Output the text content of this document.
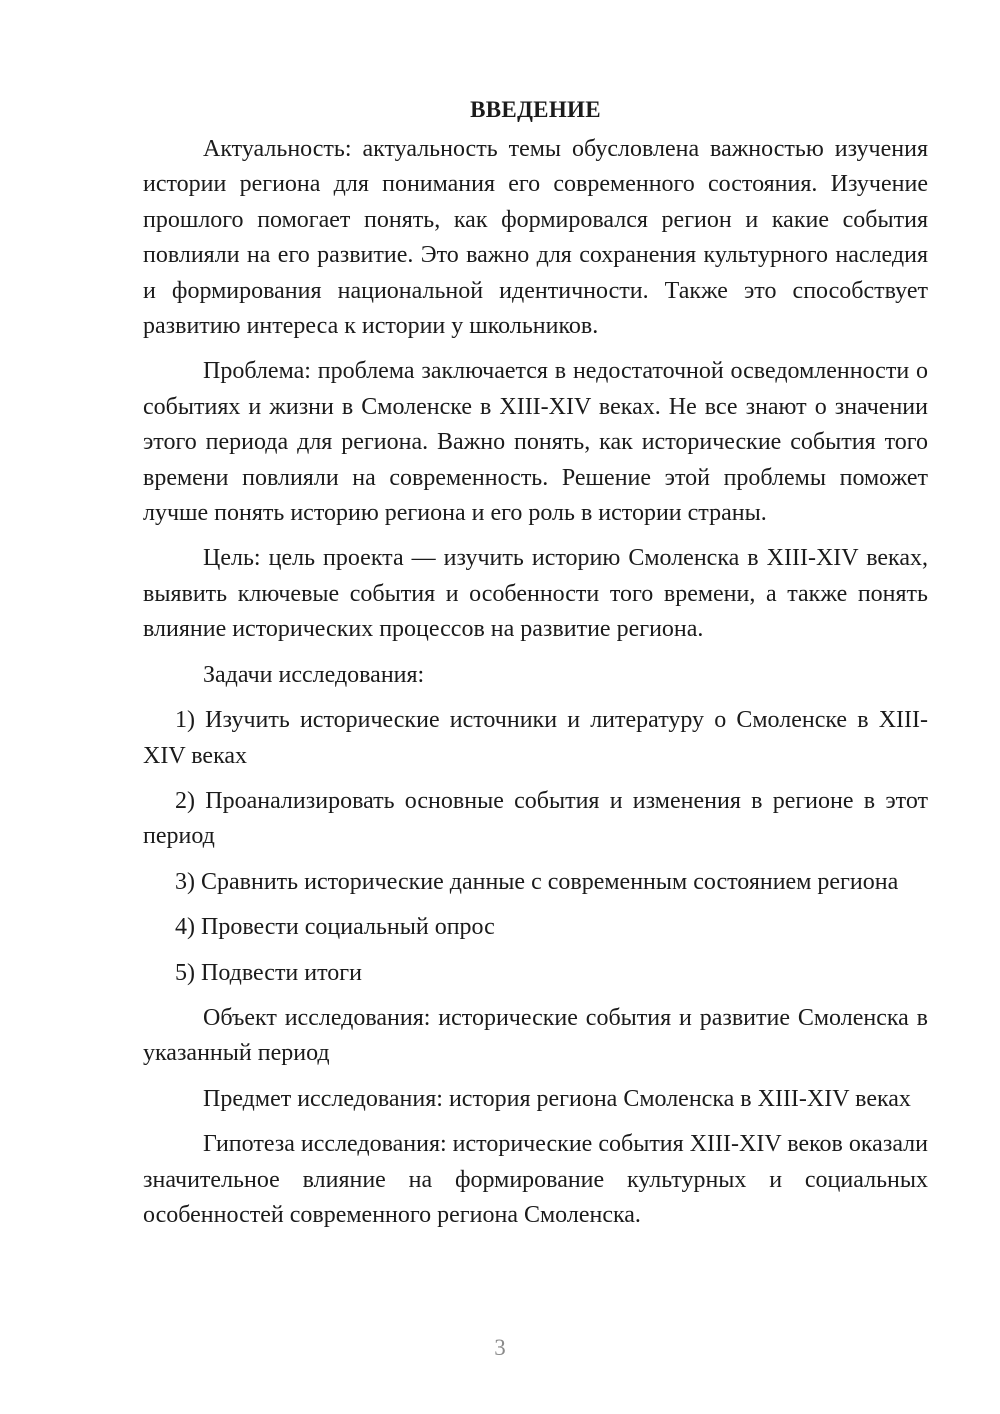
ВВЕДЕНИЕ

Актуальность: актуальность темы обусловлена важностью изучения истории региона для понимания его современного состояния. Изучение прошлого помогает понять, как формировался регион и какие события повлияли на его развитие. Это важно для сохранения культурного наследия и формирования национальной идентичности. Также это способствует развитию интереса к истории у школьников.

Проблема: проблема заключается в недостаточной осведомленности о событиях и жизни в Смоленске в XIII-XIV веках. Не все знают о значении этого периода для региона. Важно понять, как исторические события того времени повлияли на современность. Решение этой проблемы поможет лучше понять историю региона и его роль в истории страны.

Цель: цель проекта — изучить историю Смоленска в XIII-XIV веках, выявить ключевые события и особенности того времени, а также понять влияние исторических процессов на развитие региона.

Задачи исследования:

1) Изучить исторические источники и литературу о Смоленске в XIII-XIV веках

2) Проанализировать основные события и изменения в регионе в этот период

3) Сравнить исторические данные с современным состоянием региона

4) Провести социальный опрос

5) Подвести итоги

Объект исследования: исторические события и развитие Смоленска в указанный период

Предмет исследования: история региона Смоленска в XIII-XIV веках

Гипотеза исследования: исторические события XIII-XIV веков оказали значительное влияние на формирование культурных и социальных особенностей современного региона Смоленска.

3
